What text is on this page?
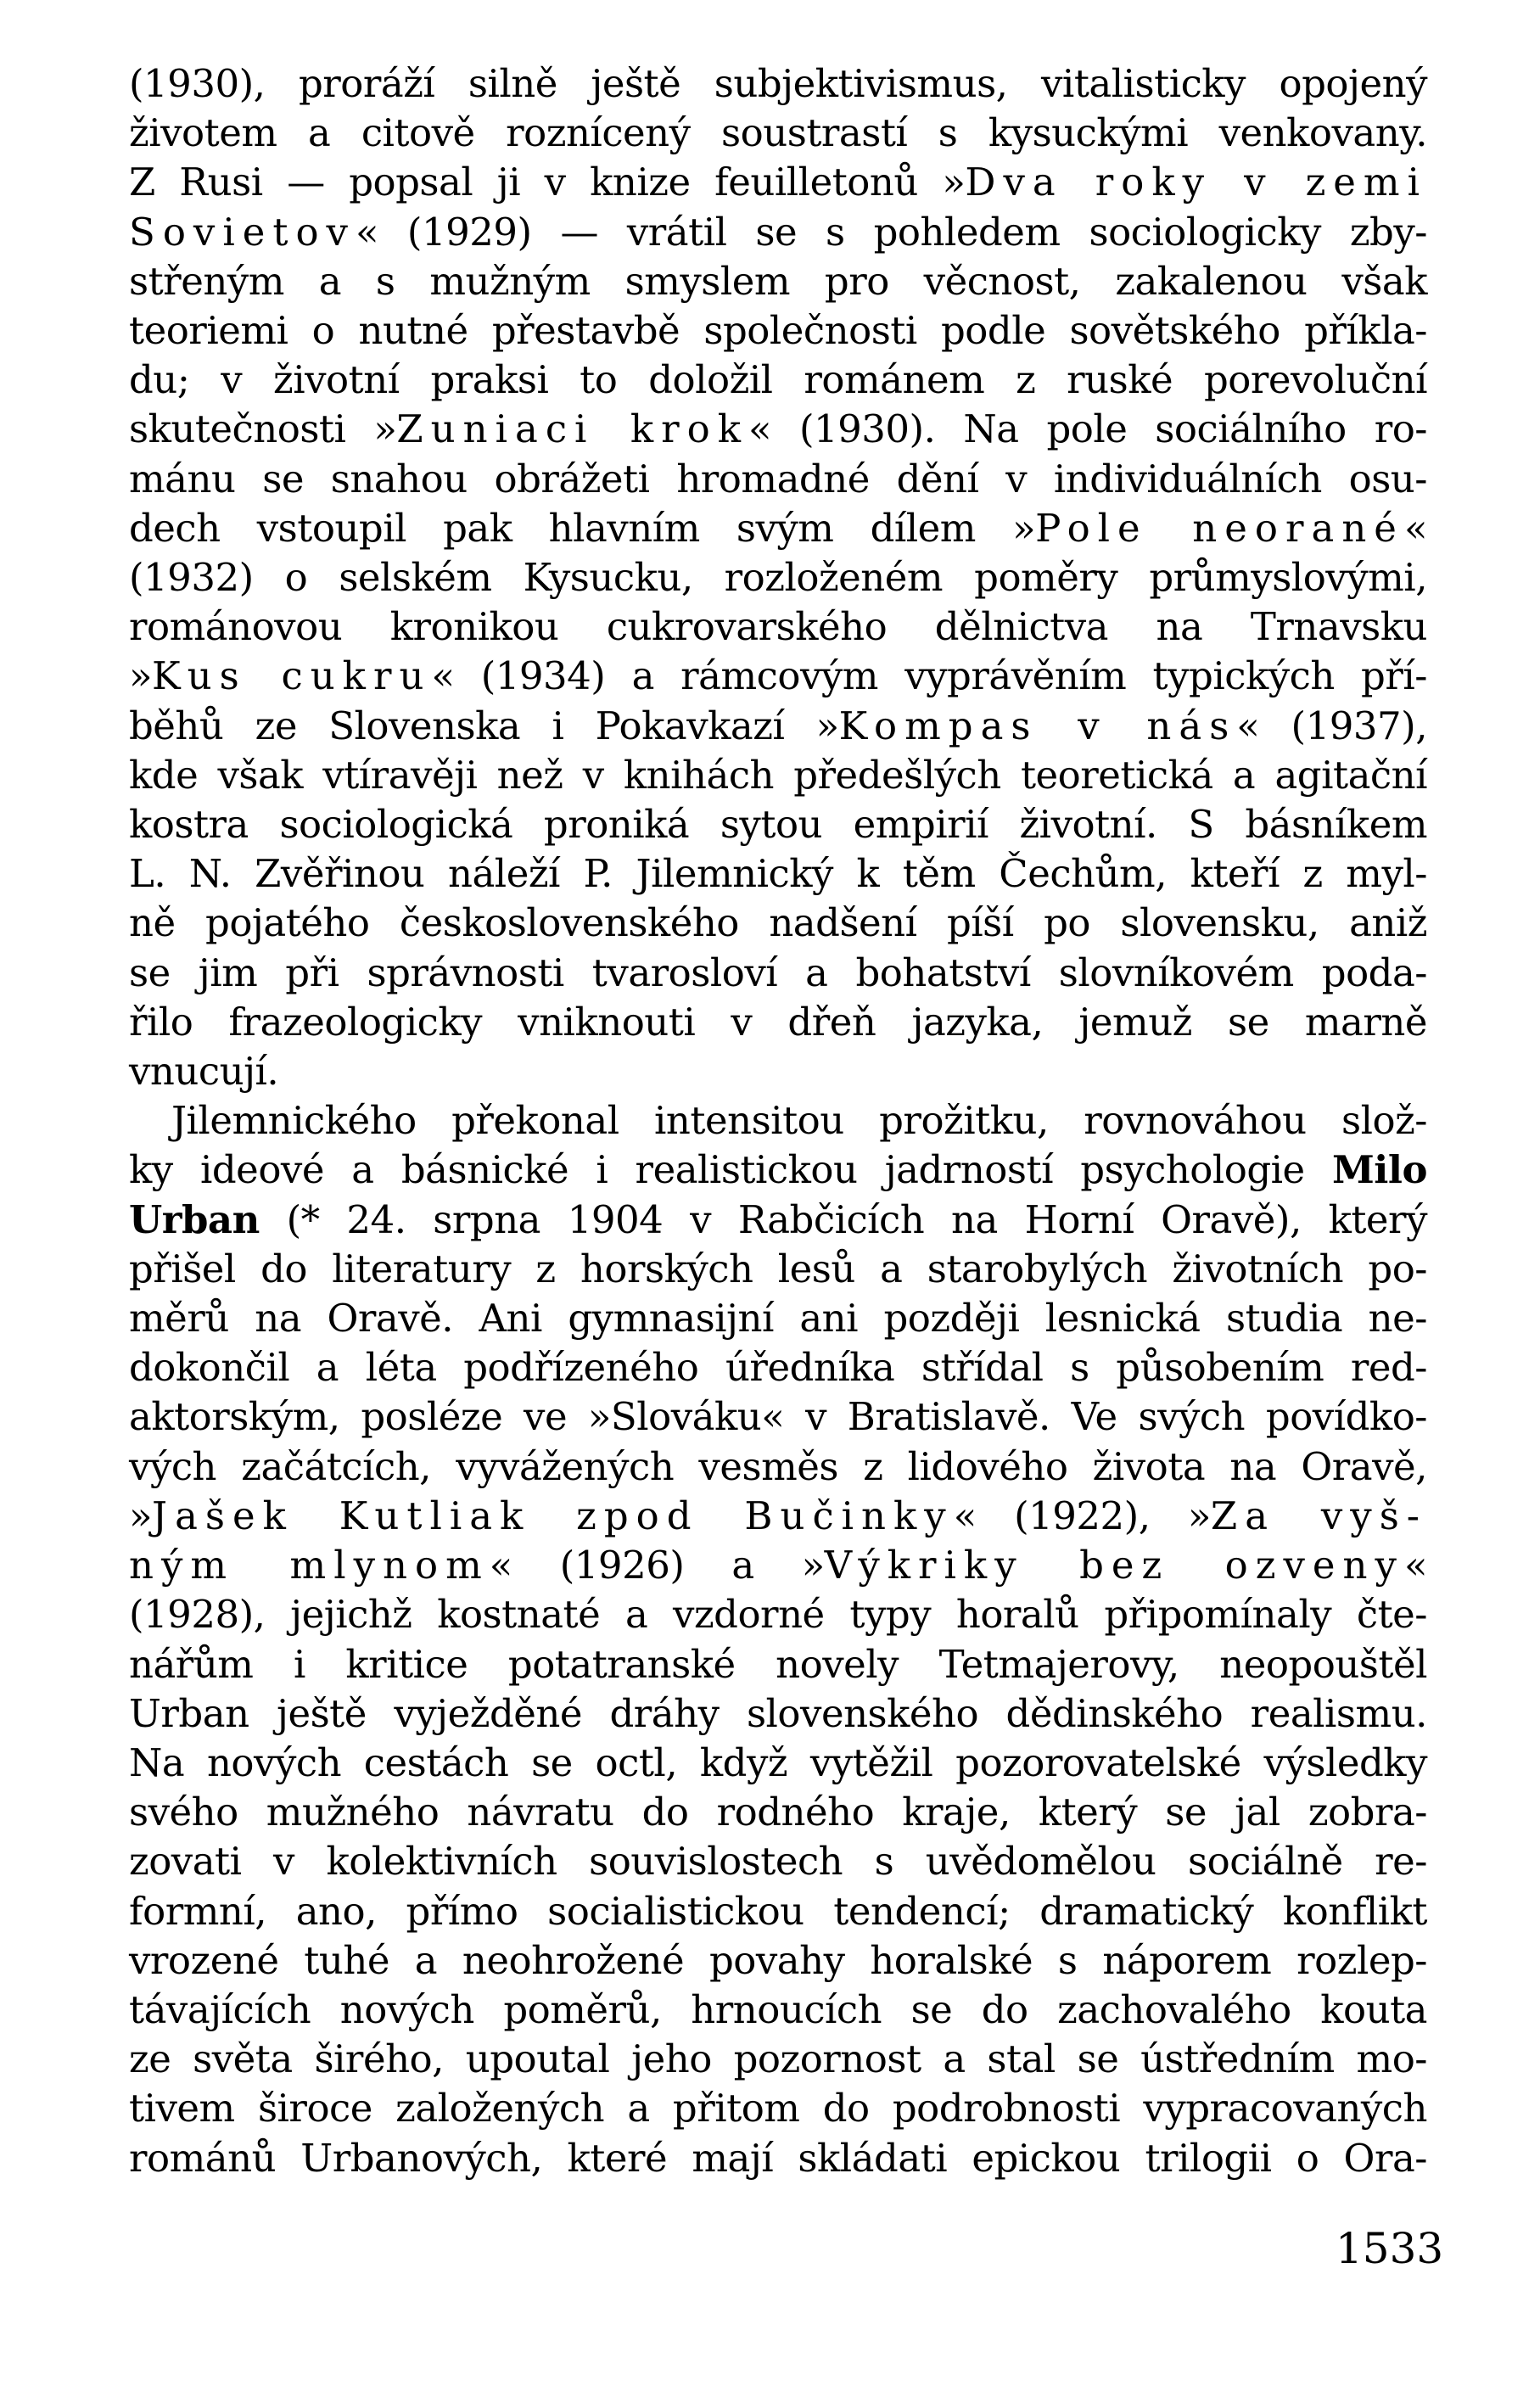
(1930), proráží silně ještě subjektivismus, vitalisticky opojený
životem a citově roznícený soustrastí s kysuckými venkovany.
Z Rusi — popsal ji v knize feuilletonů »Dva roky v zemi
Sovietov« (1929) — vrátil se s pohledem sociologicky zby-
střeným a s mužným smyslem pro věcnost, zakalenou však
teoriemi o nutné přestavbě společnosti podle sovětského příkla-
du; v životní praksi to doložil románem z ruské porevoluční
skutečnosti »Zuniaci krok« (1930). Na pole sociálního ro-
mánu se snahou obrážeti hromadné dění v individuálních osu-
dech vstoupil pak hlavním svým dílem »Pole neorané«
(1932) o selském Kysucku, rozloženém poměry průmyslovými,
románovou kronikou cukrovarského dělnictva na Trnavsku
»Kus cukru« (1934) a rámcovým vyprávěním typických pří-
běhů ze Slovenska i Pokavkazí »Kompas v nás« (1937),
kde však vtíravěji než v knihách předešlých teoretická a agitační
kostra sociologická proniká sytou empirií životní. S básníkem
L. N. Zvěřinou náleží P. Jilemnický k těm Čechům, kteří z myl-
ně pojatého československého nadšení píší po slovensku, aniž
se jim při správnosti tvarosloví a bohatství slovníkovém poda-
řilo frazeologicky vniknouti v dřeň jazyka, jemuž se marně
vnucují.
Jilemnického překonal intensitou prožitku, rovnováhou slož-
ky ideové a básnické i realistickou jadrností psychologie Milo
Urban (* 24. srpna 1904 v Rabčicích na Horní Oravě), který
přišel do literatury z horských lesů a starobylých životních po-
měrů na Oravě. Ani gymnasijní ani později lesnická studia ne-
dokončil a léta podřízeného úředníka střídal s působením red-
aktorským, posléze ve »Slováku« v Bratislavě. Ve svých povídko-
vých začátcích, vyvážených vesměs z lidového života na Oravě,
»Jašek Kutliak zpod Bučinky« (1922), »Za vyš-
ným mlynom« (1926) a »Výkriky bez ozveny«
(1928), jejichž kostnaté a vzdorné typy horalů připomínaly čte-
nářům i kritice potatranské novely Tetmajerovy, neopouštěl
Urban ještě vyježděné dráhy slovenského dědinského realismu.
Na nových cestách se octl, když vytěžil pozorovatelské výsledky
svého mužného návratu do rodného kraje, který se jal zobra-
zovati v kolektivních souvislostech s uvědomělou sociálně re-
formní, ano, přímo socialistickou tendencí; dramatický konflikt
vrozené tuhé a neohrožené povahy horalské s náporem rozlep-
távajících nových poměrů, hrnoucích se do zachovalého kouta
ze světa širého, upoutal jeho pozornost a stal se ústředním mo-
tivem široce založených a přitom do podrobnosti vypracovaných
románů Urbanových, které mají skládati epickou trilogii o Ora-
1533
